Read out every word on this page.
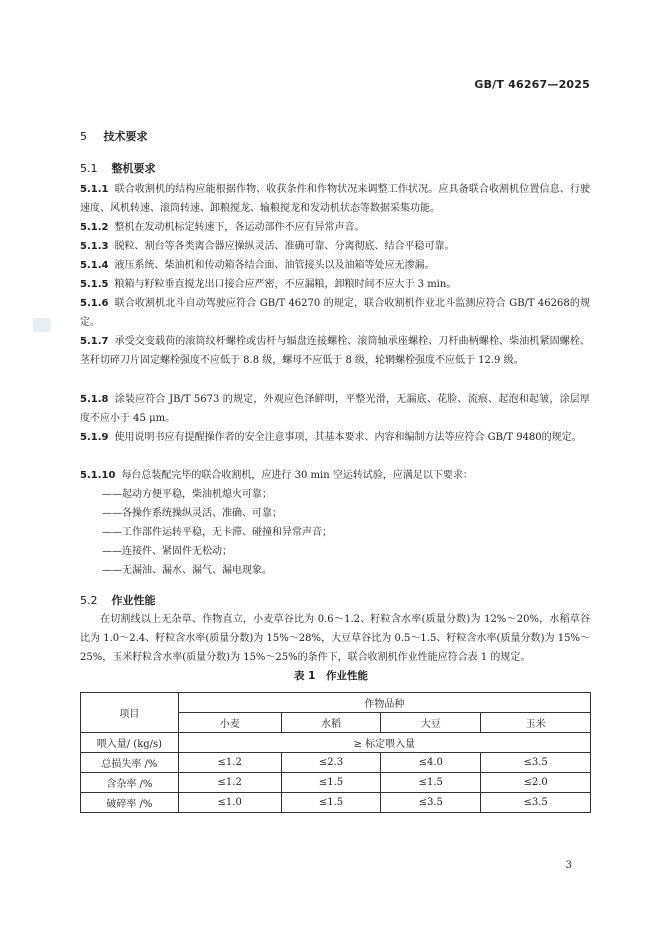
GB/T 46267—2025
5 技术要求
5.1 整机要求
5.1.1 联合收割机的结构应能根据作物、收获条件和作物状况来调整工作状况。应具备联合收割机位置信息、行驶速度、风机转速、滚筒转速、卸粮搅龙、输粮搅龙和发动机状态等数据采集功能。
5.1.2 整机在发动机标定转速下，各运动部件不应有异常声音。
5.1.3 脱粒、割台等各类离合器应操纵灵活、准确可靠、分离彻底、结合平稳可靠。
5.1.4 液压系统、柴油机和传动箱各结合面、油管接头以及油箱等处应无渗漏。
5.1.5 粮箱与籽粒垂直搅龙出口接合应严密，不应漏粮，卸粮时间不应大于 3 min。
5.1.6 联合收割机北斗自动驾驶应符合 GB/T 46270 的规定，联合收割机作业北斗监测应符合 GB/T 46268的规定。
5.1.7 承受交变载荷的滚筒纹杆螺栓或齿杆与辐盘连接螺栓、滚筒轴承座螺栓、刀杆曲柄螺栓、柴油机紧固螺栓、茎秆切碎刀片固定螺栓强度不应低于 8.8 级，螺母不应低于 8 级，轮辋螺栓强度不应低于 12.9 级。
5.1.8 涂装应符合 JB/T 5673 的规定，外观应色泽鲜明，平整光滑，无漏底、花脸、流痕、起泡和起皱，涂层厚度不应小于 45 μm。
5.1.9 使用说明书应有提醒操作者的安全注意事项，其基本要求、内容和编制方法等应符合 GB/T 9480的规定。
5.1.10 每台总装配完毕的联合收割机，应进行 30 min 空运转试验，应满足以下要求：
——起动方便平稳，柴油机熄火可靠；
——各操作系统操纵灵活、准确、可靠；
——工作部件运转平稳，无卡滞、碰撞和异常声音；
——连接件、紧固件无松动；
——无漏油、漏水、漏气、漏电现象。
5.2 作业性能
在切割线以上无杂草、作物直立，小麦草谷比为 0.6～1.2、籽粒含水率(质量分数)为 12%～20%，水稻草谷比为 1.0～2.4、籽粒含水率(质量分数)为 15%～28%，大豆草谷比为 0.5～1.5、籽粒含水率(质量分数)为 15%～25%，玉米籽粒含水率(质量分数)为 15%～25%的条件下，联合收割机作业性能应符合表 1 的规定。
表 1　作业性能
项目	作物品种			
	小麦	水稻	大豆	玉米
喂入量/ (kg/s)	≥ 标定喂入量			
总损失率 /%	≤1.2	≤2.3	≤4.0	≤3.5
含杂率 /%	≤1.2	≤1.5	≤1.5	≤2.0
破碎率 /%	≤1.0	≤1.5	≤3.5	≤3.5
3
